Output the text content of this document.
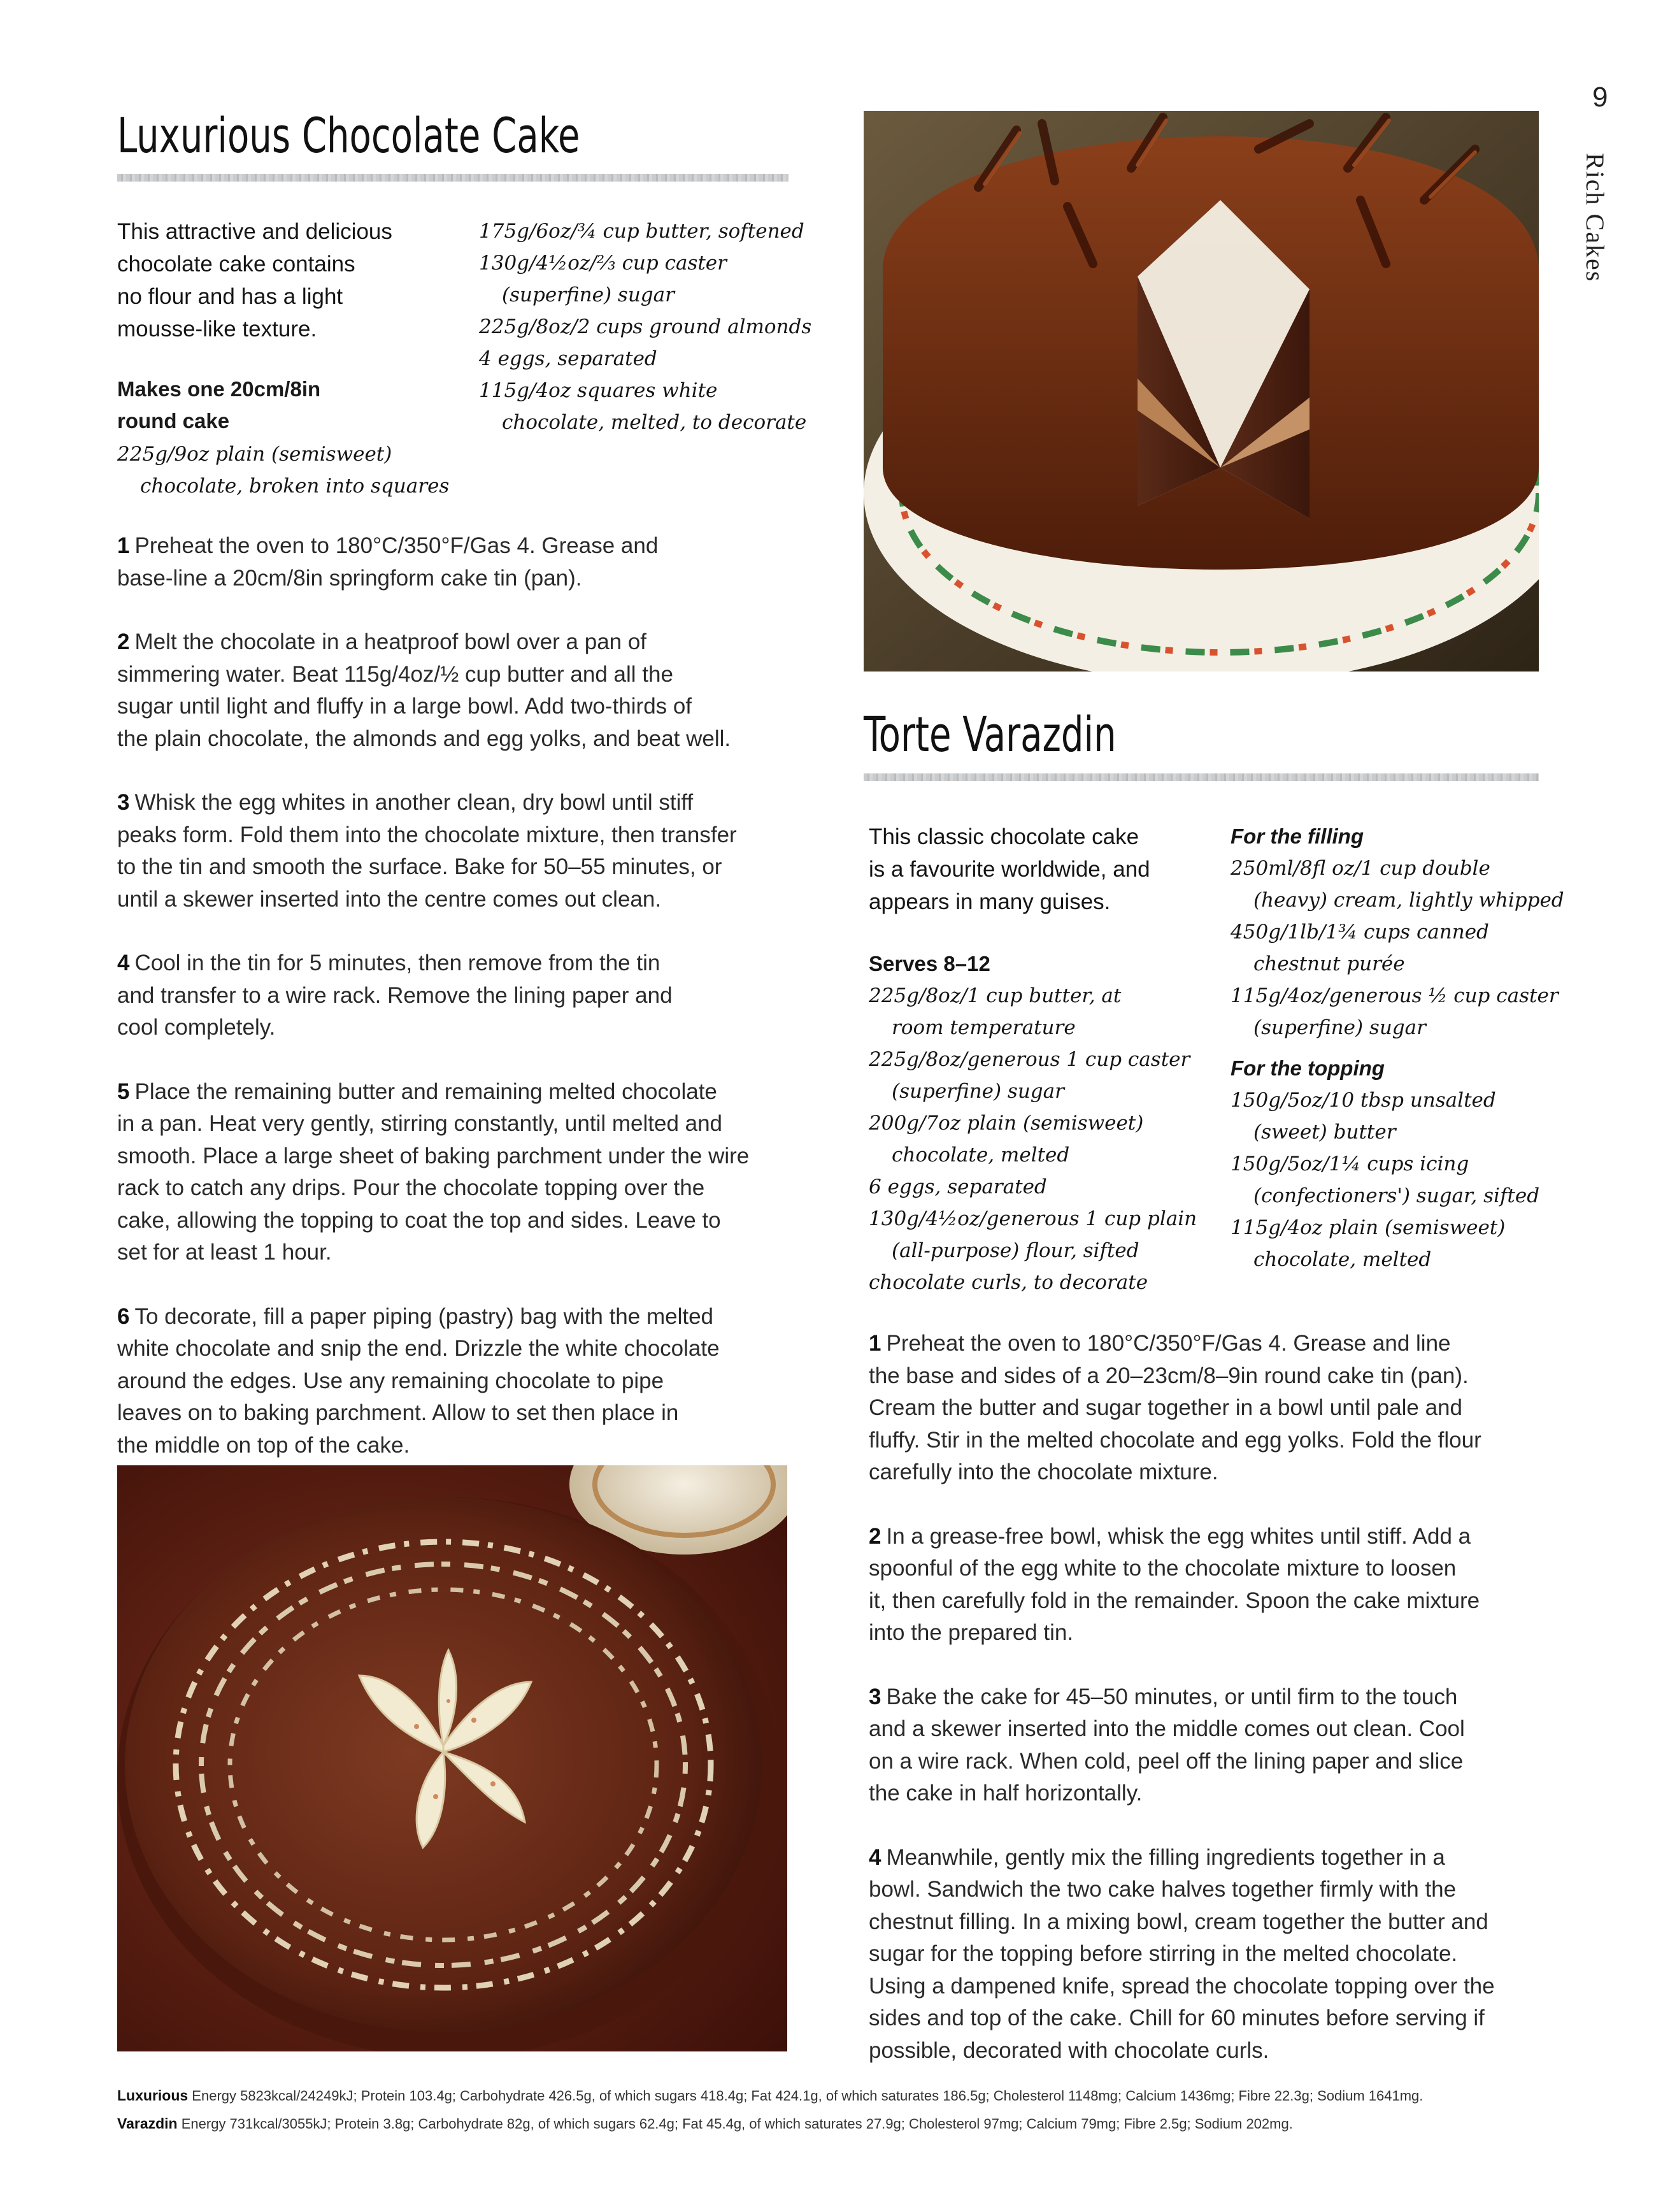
9
Rich Cakes
Luxurious Chocolate Cake
This attractive and delicious
chocolate cake contains
no flour and has a light
mousse-like texture.
Makes one 20cm/8in
round cake
225g/9oz plain (semisweet)
chocolate, broken into squares
175g/6oz/¾ cup butter, softened
130g/4½oz/⅔ cup caster
(superfine) sugar
225g/8oz/2 cups ground almonds
4 eggs, separated
115g/4oz squares white
chocolate, melted, to decorate
1 Preheat the oven to 180°C/350°F/Gas 4. Grease and
base-line a 20cm/8in springform cake tin (pan).
2 Melt the chocolate in a heatproof bowl over a pan of
simmering water. Beat 115g/4oz/½ cup butter and all the
sugar until light and fluffy in a large bowl. Add two-thirds of
the plain chocolate, the almonds and egg yolks, and beat well.
3 Whisk the egg whites in another clean, dry bowl until stiff
peaks form. Fold them into the chocolate mixture, then transfer
to the tin and smooth the surface. Bake for 50–55 minutes, or
until a skewer inserted into the centre comes out clean.
4 Cool in the tin for 5 minutes, then remove from the tin
and transfer to a wire rack. Remove the lining paper and
cool completely.
5 Place the remaining butter and remaining melted chocolate
in a pan. Heat very gently, stirring constantly, until melted and
smooth. Place a large sheet of baking parchment under the wire
rack to catch any drips. Pour the chocolate topping over the
cake, allowing the topping to coat the top and sides. Leave to
set for at least 1 hour.
6 To decorate, fill a paper piping (pastry) bag with the melted
white chocolate and snip the end. Drizzle the white chocolate
around the edges. Use any remaining chocolate to pipe
leaves on to baking parchment. Allow to set then place in
the middle on top of the cake.
Torte Varazdin
This classic chocolate cake
is a favourite worldwide, and
appears in many guises.
Serves 8–12
225g/8oz/1 cup butter, at
room temperature
225g/8oz/generous 1 cup caster
(superfine) sugar
200g/7oz plain (semisweet)
chocolate, melted
6 eggs, separated
130g/4½oz/generous 1 cup plain
(all-purpose) flour, sifted
chocolate curls, to decorate
For the filling
250ml/8fl oz/1 cup double
(heavy) cream, lightly whipped
450g/1lb/1¾ cups canned
chestnut purée
115g/4oz/generous ½ cup caster
(superfine) sugar

For the topping
150g/5oz/10 tbsp unsalted
(sweet) butter
150g/5oz/1¼ cups icing
(confectioners') sugar, sifted
115g/4oz plain (semisweet)
chocolate, melted
1 Preheat the oven to 180°C/350°F/Gas 4. Grease and line
the base and sides of a 20–23cm/8–9in round cake tin (pan).
Cream the butter and sugar together in a bowl until pale and
fluffy. Stir in the melted chocolate and egg yolks. Fold the flour
carefully into the chocolate mixture.
2 In a grease-free bowl, whisk the egg whites until stiff. Add a
spoonful of the egg white to the chocolate mixture to loosen
it, then carefully fold in the remainder. Spoon the cake mixture
into the prepared tin.
3 Bake the cake for 45–50 minutes, or until firm to the touch
and a skewer inserted into the middle comes out clean. Cool
on a wire rack. When cold, peel off the lining paper and slice
the cake in half horizontally.
4 Meanwhile, gently mix the filling ingredients together in a
bowl. Sandwich the two cake halves together firmly with the
chestnut filling. In a mixing bowl, cream together the butter and
sugar for the topping before stirring in the melted chocolate.
Using a dampened knife, spread the chocolate topping over the
sides and top of the cake. Chill for 60 minutes before serving if
possible, decorated with chocolate curls.
Luxurious Energy 5823kcal/24249kJ; Protein 103.4g; Carbohydrate 426.5g, of which sugars 418.4g; Fat 424.1g, of which saturates 186.5g; Cholesterol 1148mg; Calcium 1436mg; Fibre 22.3g; Sodium 1641mg.
Varazdin Energy 731kcal/3055kJ; Protein 3.8g; Carbohydrate 82g, of which sugars 62.4g; Fat 45.4g, of which saturates 27.9g; Cholesterol 97mg; Calcium 79mg; Fibre 2.5g; Sodium 202mg.
